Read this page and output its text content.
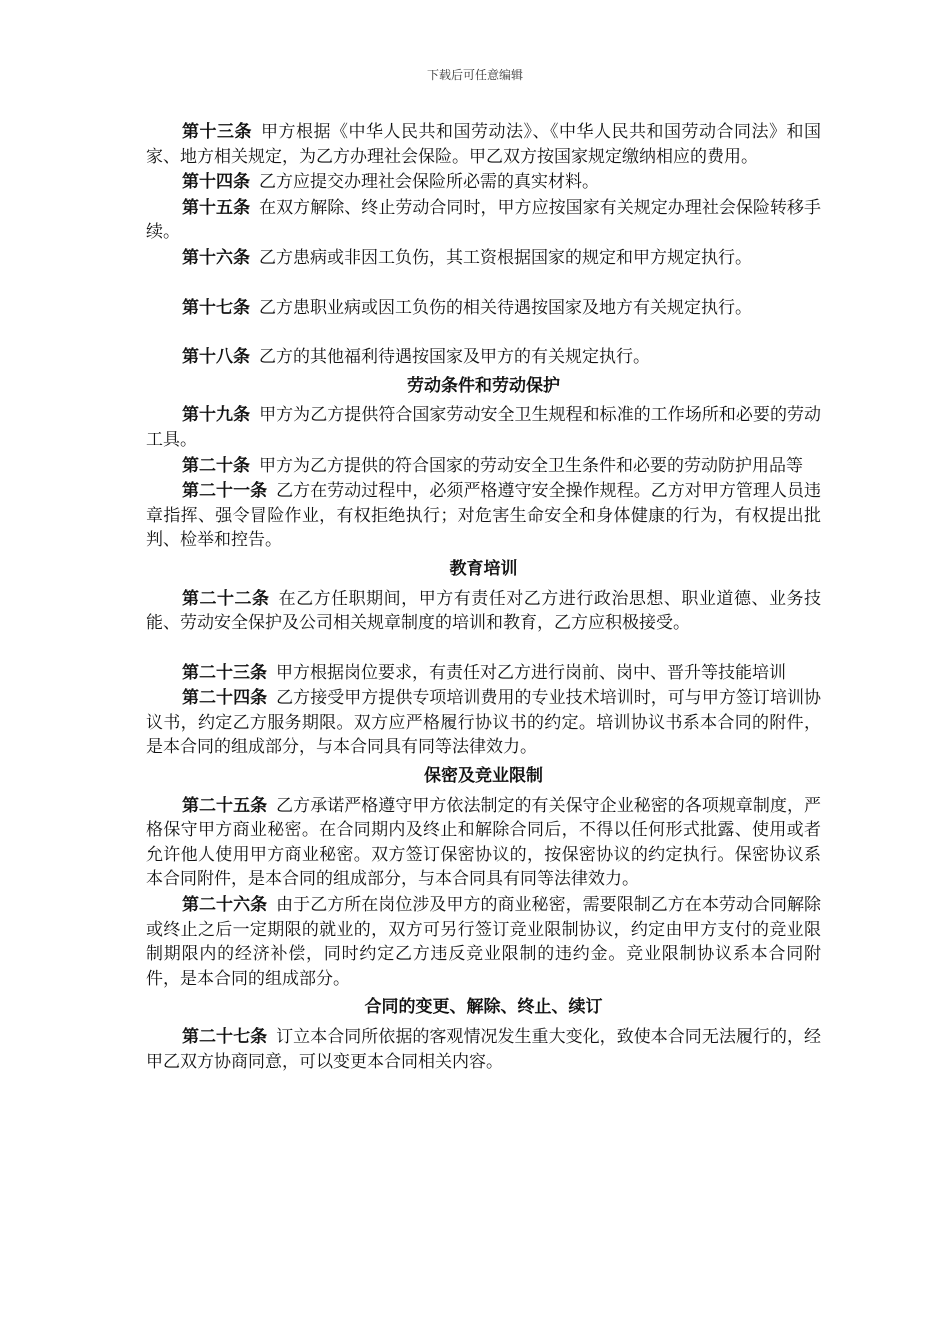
下载后可任意编辑

第十三条 甲方根据《中华人民共和国劳动法》、《中华人民共和国劳动合同法》和国家、地方相关规定，为乙方办理社会保险。甲乙双方按国家规定缴纳相应的费用。

第十四条 乙方应提交办理社会保险所必需的真实材料。

第十五条 在双方解除、终止劳动合同时，甲方应按国家有关规定办理社会保险转移手续。

第十六条 乙方患病或非因工负伤，其工资根据国家的规定和甲方规定执行。

第十七条 乙方患职业病或因工负伤的相关待遇按国家及地方有关规定执行。

第十八条 乙方的其他福利待遇按国家及甲方的有关规定执行。

劳动条件和劳动保护

第十九条 甲方为乙方提供符合国家劳动安全卫生规程和标准的工作场所和必要的劳动工具。

第二十条 甲方为乙方提供的符合国家的劳动安全卫生条件和必要的劳动防护用品等

第二十一条 乙方在劳动过程中，必须严格遵守安全操作规程。乙方对甲方管理人员违章指挥、强令冒险作业，有权拒绝执行；对危害生命安全和身体健康的行为，有权提出批判、检举和控告。

教育培训

第二十二条 在乙方任职期间，甲方有责任对乙方进行政治思想、职业道德、业务技能、劳动安全保护及公司相关规章制度的培训和教育，乙方应积极接受。

第二十三条 甲方根据岗位要求，有责任对乙方进行岗前、岗中、晋升等技能培训

第二十四条 乙方接受甲方提供专项培训费用的专业技术培训时，可与甲方签订培训协议书，约定乙方服务期限。双方应严格履行协议书的约定。培训协议书系本合同的附件，是本合同的组成部分，与本合同具有同等法律效力。

保密及竞业限制

第二十五条 乙方承诺严格遵守甲方依法制定的有关保守企业秘密的各项规章制度，严格保守甲方商业秘密。在合同期内及终止和解除合同后，不得以任何形式批露、使用或者允许他人使用甲方商业秘密。双方签订保密协议的，按保密协议的约定执行。保密协议系本合同附件，是本合同的组成部分，与本合同具有同等法律效力。

第二十六条 由于乙方所在岗位涉及甲方的商业秘密，需要限制乙方在本劳动合同解除或终止之后一定期限的就业的，双方可另行签订竞业限制协议，约定由甲方支付的竞业限制期限内的经济补偿，同时约定乙方违反竞业限制的违约金。竞业限制协议系本合同附件，是本合同的组成部分。

合同的变更、解除、终止、续订

第二十七条 订立本合同所依据的客观情况发生重大变化，致使本合同无法履行的，经甲乙双方协商同意，可以变更本合同相关内容。
